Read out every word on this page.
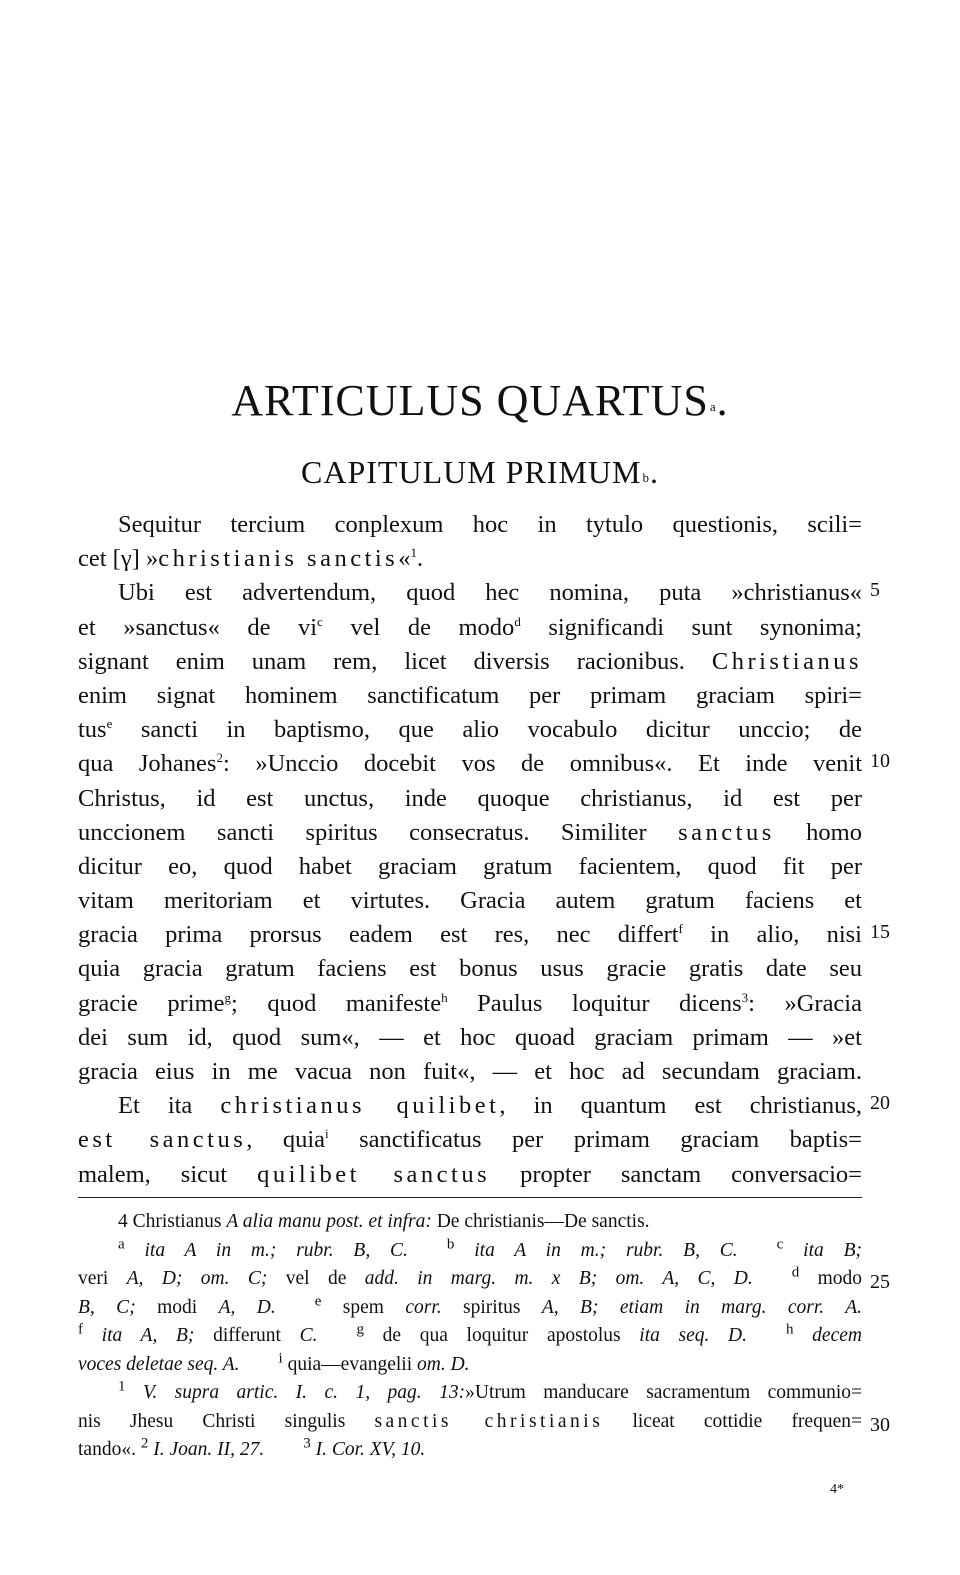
ARTICULUS QUARTUS$^a$.
CAPITULUM PRIMUM$^b$.
Sequitur tercium conplexum hoc in tytulo questionis, scili=
cet [γ] »christianis sanctis«$^1$.
Ubi est advertendum, quod hec nomina, puta »christianus«
et »sanctus« de $vi^c$ vel de modo$^d$ significandi sunt synonima;
signant enim unam rem, licet diversis racionibus. Christianus
enim signat hominem sanctificatum per primam graciam spiri=
tus$^e$ sancti in baptismo, que alio vocabulo dicitur unccio; de
qua Johanes$^2$: »Unccio docebit vos de omnibus«. Et inde venit
Christus, id est unctus, inde quoque christianus, id est per
unccionem sancti spiritus consecratus. Similiter sanctus homo
dicitur eo, quod habet graciam gratum facientem, quod fit per
vitam meritoriam et virtutes. Gracia autem gratum faciens et
gracia prima prorsus eadem est res, nec differt$^f$ in alio, nisi
quia gracia gratum faciens est bonus usus gracie gratis date seu
gracie prime$^g$; quod manifeste$^h$ Paulus loquitur dicens$^3$: »Gracia
dei sum id, quod sum«, — et hoc quoad graciam primam — »et
gracia eius in me vacua non fuit«, — et hoc ad secundam graciam.
Et ita christianus quilibet, in quantum est christianus,
est sanctus, quia$^i$ sanctificatus per primam graciam baptis=
malem, sicut quilibet sanctus propter sanctam conversacio=
5
10
15
20
25
30
4 Christianus A alia manu post. et infra: De christianis—De sanctis.
$^a$ ita A in m.; rubr. B, C.  	$^b$ ita A in m.; rubr. B, C.  	$^c$ ita B;
veri A, D; om. C; vel de add. in marg. m. x B; om. A, C, D.  	$^d$ modo
B, C; modi A, D.  	$^e$ spem corr. spiritus A, B; etiam in marg. corr. A.
$^f$ ita A, B; differunt C.  	$^g$ de qua loquitur apostolus ita seq. D.  	$^h$ decem
voces deletae seq. A.  	$^i$ quia—evangelii om. D.
$^1$ V. supra artic. I. c. 1, pag. 13:»Utrum manducare sacramentum communio=
nis Jhesu Christi singulis sanctis christianis liceat cottidie frequen=
tando«. $^2$ I. Joan. II, 27.  	$^3$ I. Cor. XV, 10.
4*
